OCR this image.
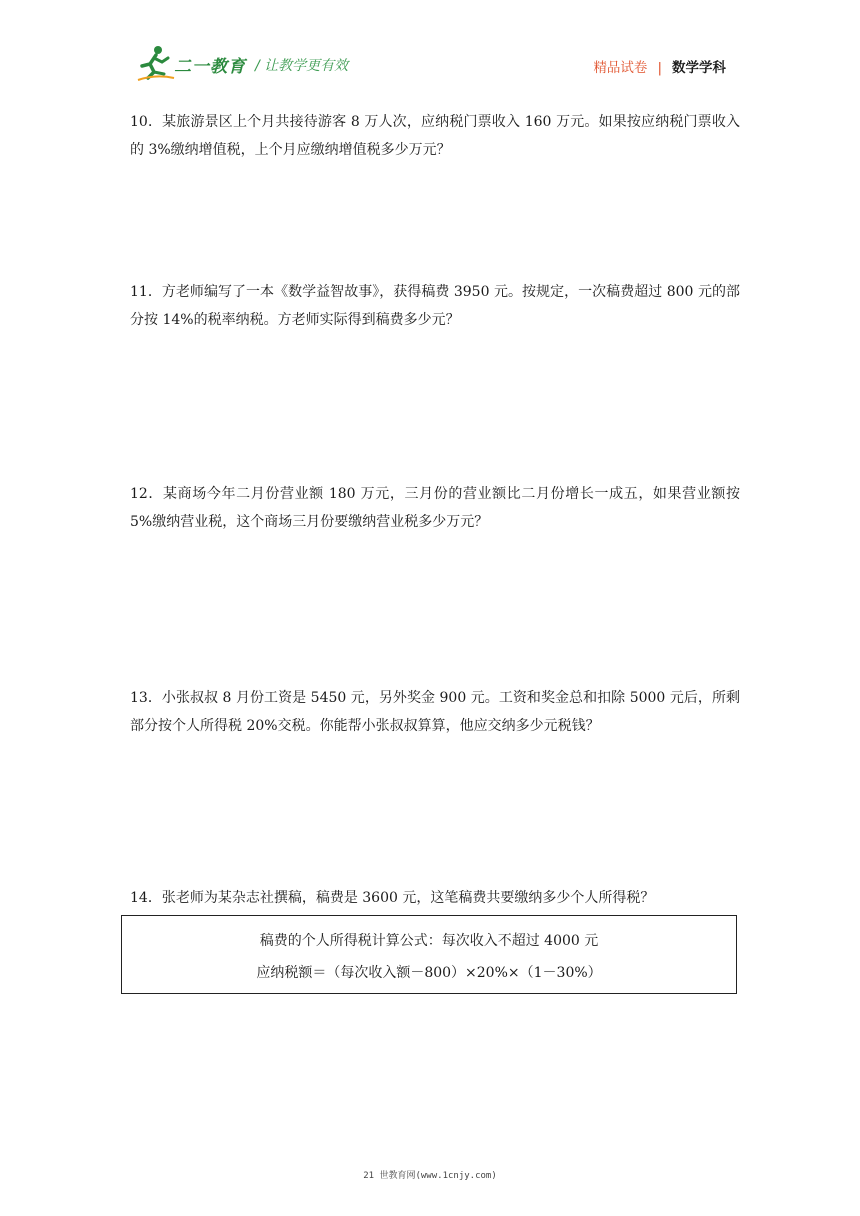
二一教育 / 让教学更有效	精品试卷 | 数学学科
10．某旅游景区上个月共接待游客 8 万人次，应纳税门票收入 160 万元。如果按应纳税门票收入的 3%缴纳增值税，上个月应缴纳增值税多少万元？
11．方老师编写了一本《数学益智故事》，获得稿费 3950 元。按规定，一次稿费超过 800 元的部分按 14%的税率纳税。方老师实际得到稿费多少元？
12．某商场今年二月份营业额 180 万元，三月份的营业额比二月份增长一成五，如果营业额按 5%缴纳营业税，这个商场三月份要缴纳营业税多少万元？
13．小张叔叔 8 月份工资是 5450 元，另外奖金 900 元。工资和奖金总和扣除 5000 元后，所剩部分按个人所得税 20%交税。你能帮小张叔叔算算，他应交纳多少元税钱？
14．张老师为某杂志社撰稿，稿费是 3600 元，这笔稿费共要缴纳多少个人所得税？
稿费的个人所得税计算公式：每次收入不超过 4000 元
应纳税额＝（每次收入额－800）×20%×（1－30%）
21 世教育网(www.1cnjy.com)
